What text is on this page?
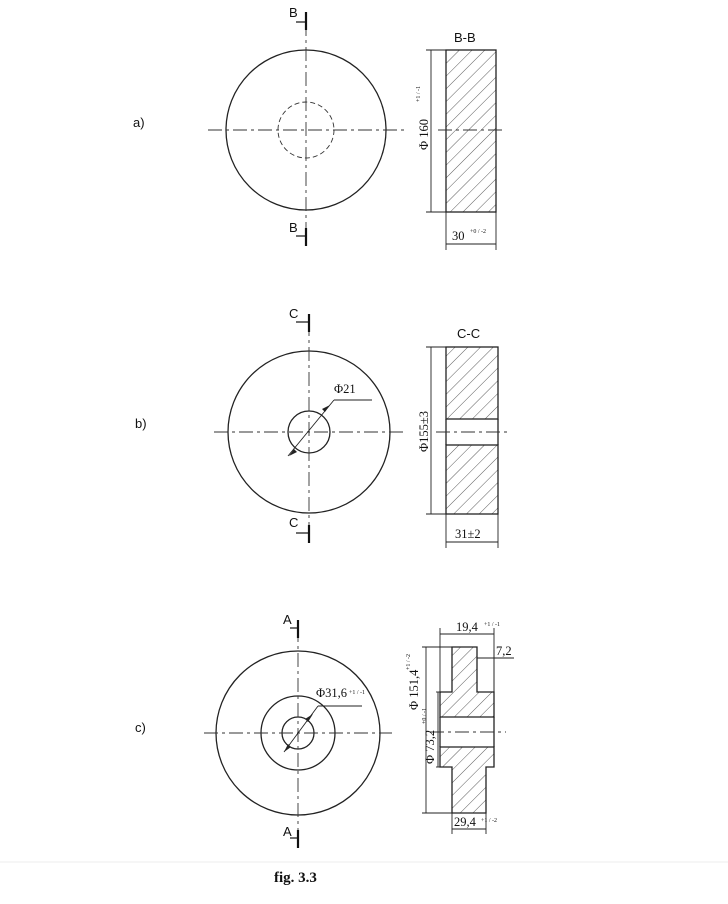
a)
B
B
B-B
Φ 160
+1 / -1
30 +0 / -2
b)
Φ21
C
C
C-C
Φ155±3
31±2
c)
Φ31,6 +1 / -1
A
A
19,4 +1 / -1
7,2
Φ 151,4
+1 / -2
Φ 73,2
+0 / -1
29,4 +1 / -2
fig. 3.3
